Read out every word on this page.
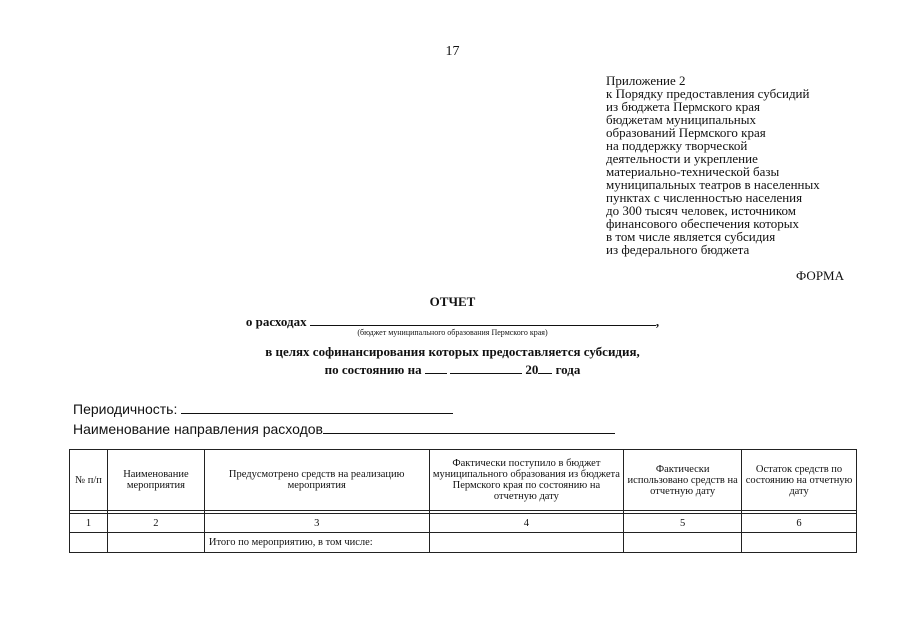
17
Приложение 2
к Порядку предоставления субсидий
из бюджета Пермского края
бюджетам муниципальных
образований Пермского края
на поддержку творческой
деятельности и укрепление
материально-технической базы
муниципальных театров в населенных
пунктах с численностью населения
до 300 тысяч человек, источником
финансового обеспечения которых
в том числе является субсидия
из федерального бюджета
ФОРМА
ОТЧЕТ
о расходах	,
(бюджет муниципального образования Пермского края)
в целях софинансирования которых предоставляется субсидия,
по состоянию на	20 года
Периодичность:
Наименование направления расходов
№ п/п	Наименование мероприятия	Предусмотрено средств на реализацию мероприятия	Фактически поступило в бюджет муниципального образования из бюджета Пермского края по состоянию на отчетную дату	Фактически использовано средств на отчетную дату	Остаток средств по состоянию на отчетную дату

1	2	3	4	5	6
		Итого по мероприятию, в том числе:			
